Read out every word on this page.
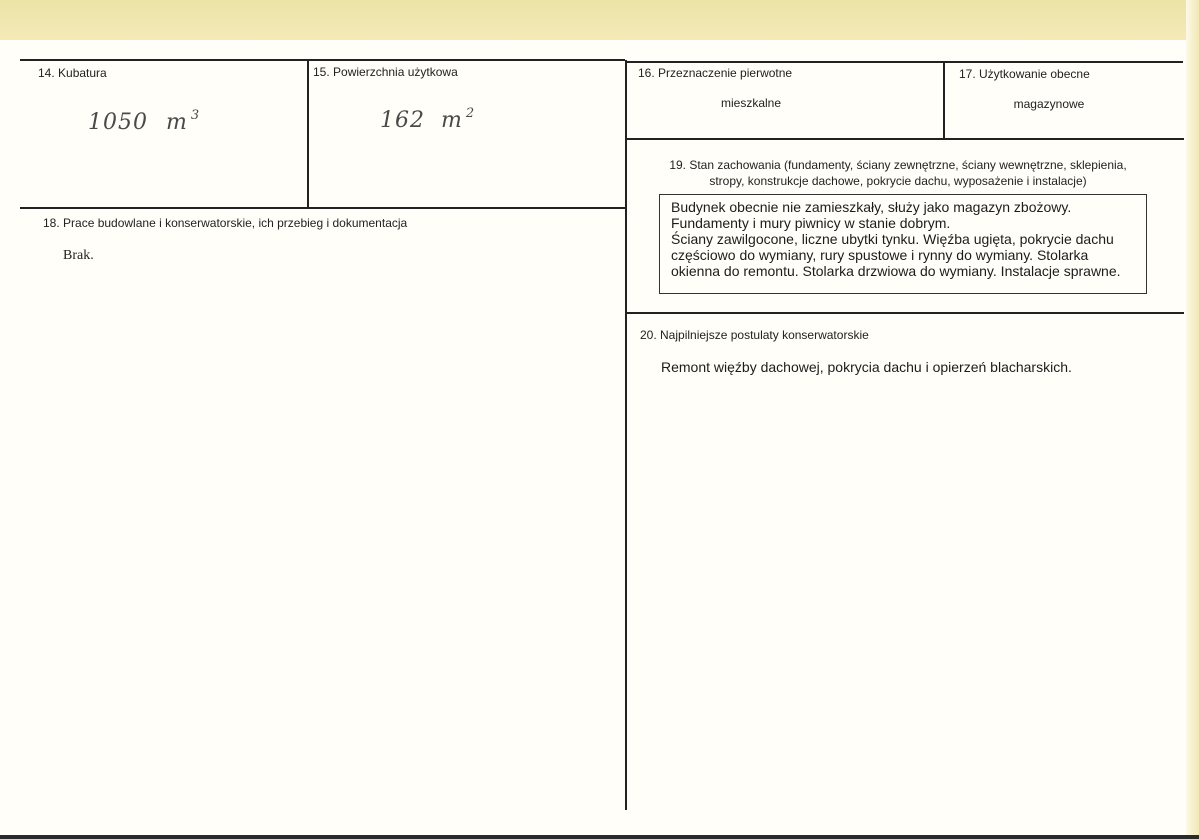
14. Kubatura
1050 m $^3$
15. Powierzchnia użytkowa
162 m $^2$
16. Przeznaczenie pierwotne
mieszkalne
17. Użytkowanie obecne
magazynowe
18. Prace budowlane i konserwatorskie, ich przebieg i dokumentacja
Brak.
19. Stan zachowania (fundamenty, ściany zewnętrzne, ściany wewnętrzne, sklepienia,
stropy, konstrukcje dachowe, pokrycie dachu, wyposażenie i instalacje)

Budynek obecnie nie zamieszkały, służy jako magazyn zbożowy.
Fundamenty i mury piwnicy w stanie dobrym.
Ściany zawilgocone, liczne ubytki tynku. Więźba ugięta, pokrycie dachu
częściowo do wymiany, rury spustowe i rynny do wymiany. Stolarka
okienna do remontu. Stolarka drzwiowa do wymiany. Instalacje sprawne.

20. Najpilniejsze postulaty konserwatorskie
Remont więźby dachowej, pokrycia dachu i opierzeń blacharskich.
